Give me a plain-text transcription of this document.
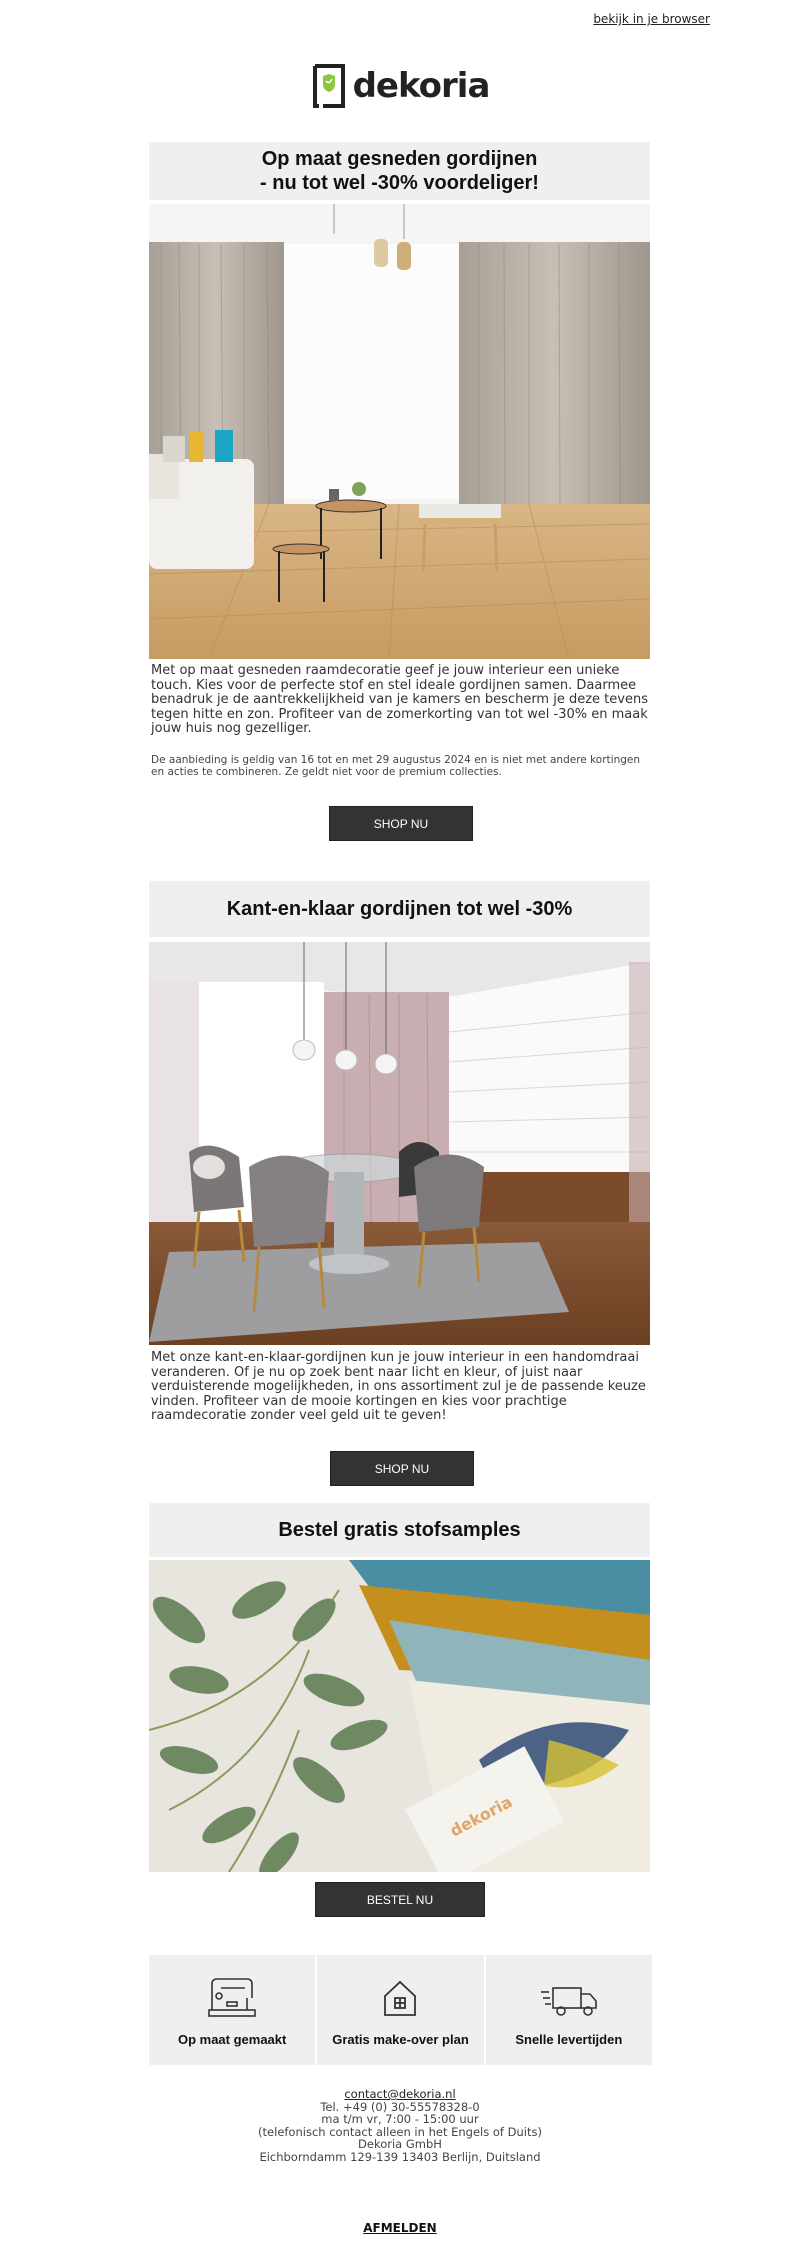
bekijk in je browser
dekoria
Op maat gesneden gordijnen
- nu tot wel -30% voordeliger!

Met op maat gesneden raamdecoratie geef je jouw interieur een unieke touch. Kies voor de perfecte stof en stel ideale gordijnen samen. Daarmee benadruk je de aantrekkelijkheid van je kamers en bescherm je deze tevens tegen hitte en zon. Profiteer van de zomerkorting van tot wel -30% en maak jouw huis nog gezelliger.

De aanbieding is geldig van 16 tot en met 29 augustus 2024 en is niet met andere kortingen en acties te combineren. Ze geldt niet voor de premium collecties.

SHOP NU
Kant-en-klaar gordijnen tot wel -30%

Met onze kant-en-klaar-gordijnen kun je jouw interieur in een handomdraai veranderen. Of je nu op zoek bent naar licht en kleur, of juist naar verduisterende mogelijkheden, in ons assortiment zul je de passende keuze vinden. Profiteer van de mooie kortingen en kies voor prachtige raamdecoratie zonder veel geld uit te geven!

SHOP NU
Bestel gratis stofsamples
dekoria
BESTEL NU
Op maat gemaakt	Gratis make-over plan	Snelle levertijden
contact@dekoria.nl
Tel. +49 (0) 30-55578328-0
ma t/m vr, 7:00 - 15:00 uur
(telefonisch contact alleen in het Engels of Duits)
Dekoria GmbH
Eichborndamm 129-139 13403 Berlijn, Duitsland
AFMELDEN
